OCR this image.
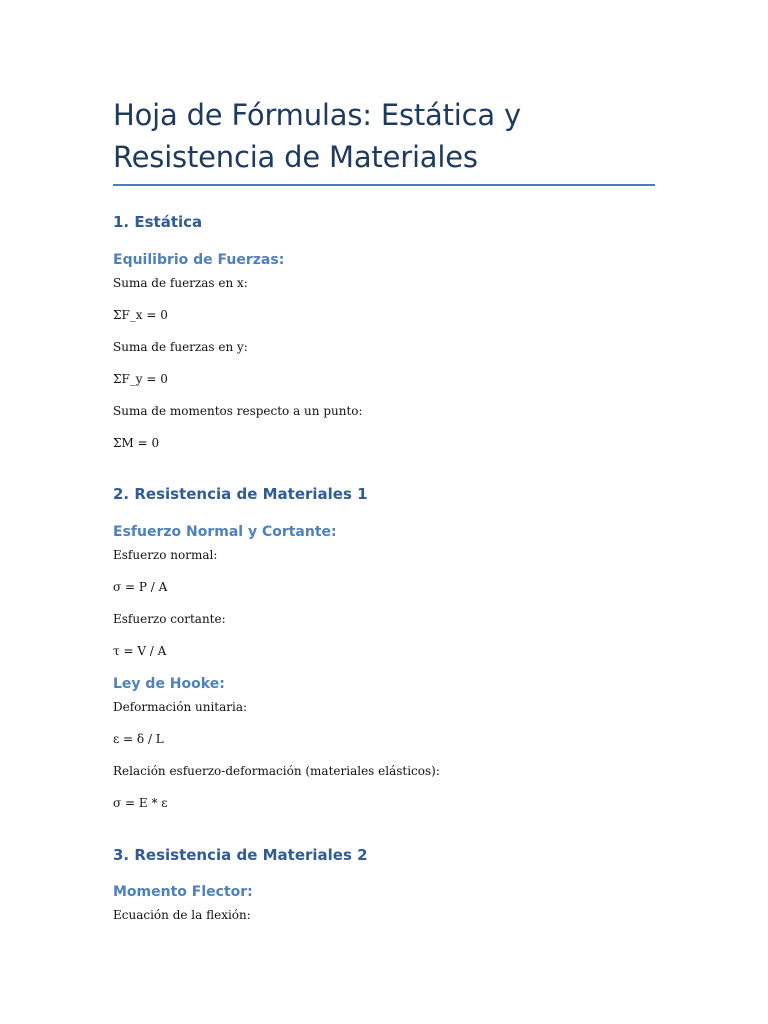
Hoja de Fórmulas: Estática y Resistencia de Materiales
1. Estática
Equilibrio de Fuerzas:

Suma de fuerzas en x:

ΣF_x = 0

Suma de fuerzas en y:

ΣF_y = 0

Suma de momentos respecto a un punto:

ΣM = 0

2. Resistencia de Materiales 1
Esfuerzo Normal y Cortante:

Esfuerzo normal:

σ = P / A

Esfuerzo cortante:

τ = V / A

Ley de Hooke:

Deformación unitaria:

ε = δ / L

Relación esfuerzo-deformación (materiales elásticos):

σ = E * ε

3. Resistencia de Materiales 2
Momento Flector:

Ecuación de la flexión:
